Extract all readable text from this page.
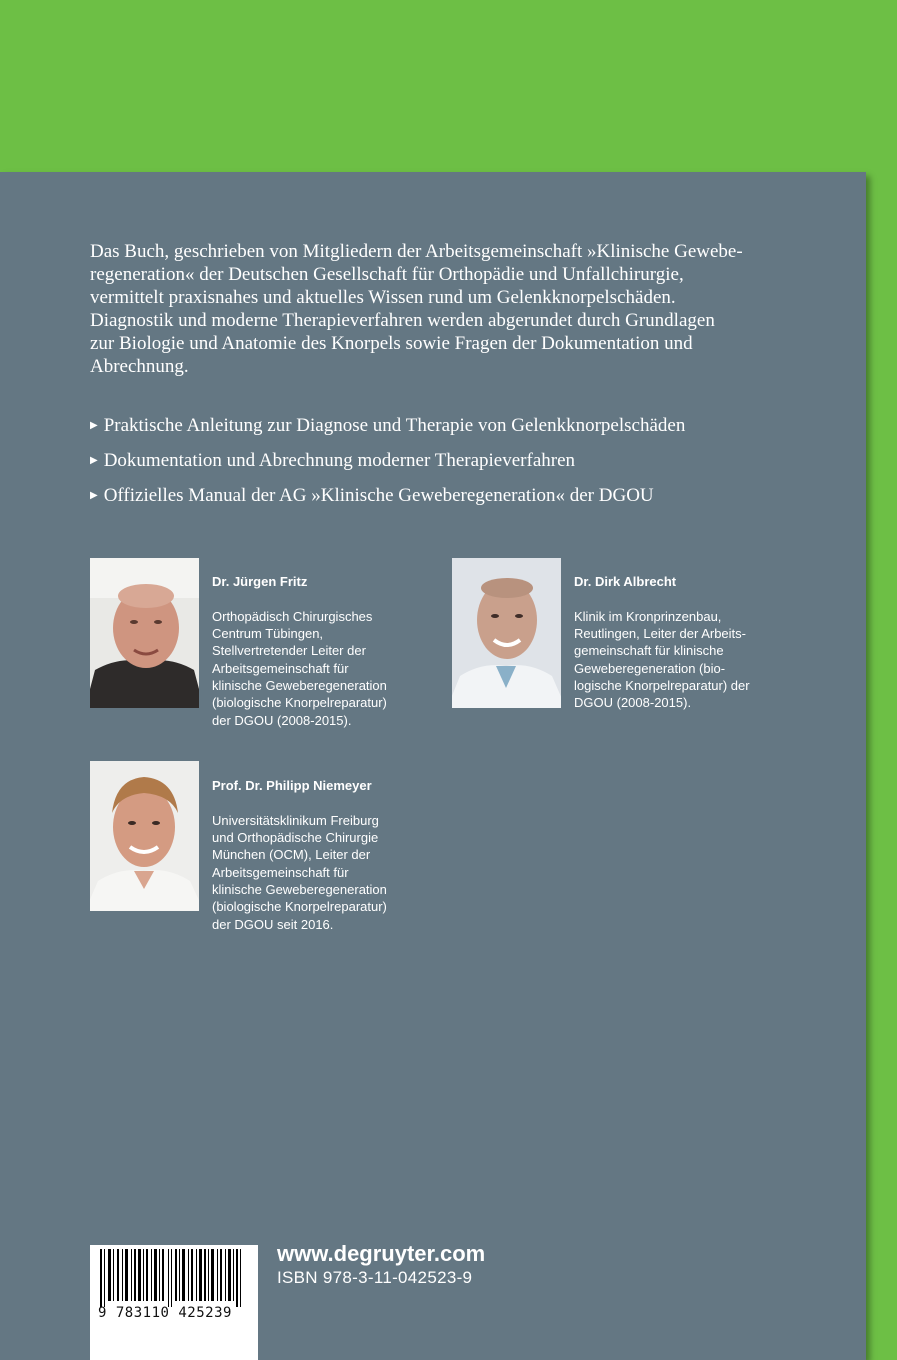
Das Buch, geschrieben von Mitgliedern der Arbeitsgemeinschaft »Klinische Gewebe-
regeneration« der Deutschen Gesellschaft für Orthopädie und Unfallchirurgie,
vermittelt praxisnahes und aktuelles Wissen rund um Gelenkknorpelschäden.
Diagnostik und moderne Therapieverfahren werden abgerundet durch Grundlagen
zur Biologie und Anatomie des Knorpels sowie Fragen der Dokumentation und
Abrechnung.

▶ Praktische Anleitung zur Diagnose und Therapie von Gelenkknorpelschäden
▶ Dokumentation und Abrechnung moderner Therapieverfahren
▶ Offizielles Manual der AG »Klinische Geweberegeneration« der DGOU

Dr. Jürgen Fritz

Orthopädisch Chirurgisches
Centrum Tübingen,
Stellvertretender Leiter der
Arbeitsgemeinschaft für
klinische Geweberegeneration
(biologische Knorpelreparatur)
der DGOU (2008-2015).

Dr. Dirk Albrecht

Klinik im Kronprinzenbau,
Reutlingen, Leiter der Arbeits-
gemeinschaft für klinische
Geweberegeneration (bio-
logische Knorpelreparatur) der
DGOU (2008-2015).

Prof. Dr. Philipp Niemeyer

Universitätsklinikum Freiburg
und Orthopädische Chirurgie
München (OCM), Leiter der
Arbeitsgemeinschaft für
klinische Geweberegeneration
(biologische Knorpelreparatur)
der DGOU seit 2016.

9 783110 425239
www.degruyter.com
ISBN 978-3-11-042523-9
